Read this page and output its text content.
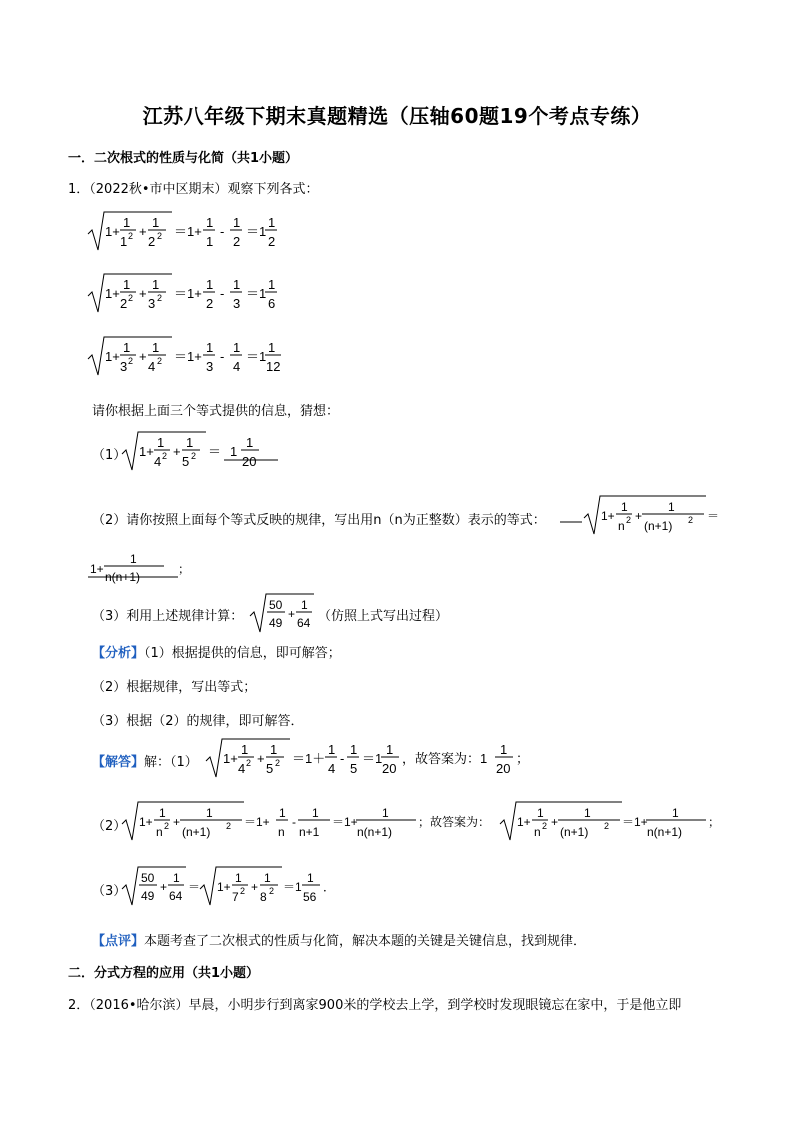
江苏八年级下期末真题精选（压轴60题19个考点专练）
一．二次根式的性质与化简（共1小题）
1．（2022秋•市中区期末）观察下列各式：
1+
1
1 2 +
1
2 2 ＝1+
1
1
-
1
2
＝1
1
2
1+
1
2 2 +
1
3 2 ＝1+
1
2
-
1
3
＝1
1
6
1+
1
3 2 +
1
4 2 ＝1+
1
3
-
1
4
＝1
1
12
请你根据上面三个等式提供的信息，猜想：
（1） 1+
1
4 2 +
1
5 2 ＝ 1
1
20
（2）请你按照上面每个等式反映的规律，写出用n（n为正整数）表示的等式：	1+
1
n 2 +
1
(n+1) 2 ＝
1+
1
n(n+1)
；
（3）利用上述规律计算：
50
49
+
1
64 （仿照上式写出过程）
【分析】（1）根据提供的信息，即可解答；
（2）根据规律，写出等式；
（3）根据（2）的规律，即可解答．
【解答】解：（1） 1+
1
4 2 +
1
5 2 ＝1＋
1
4
-
1
5
＝1
1
20
，故答案为：1
1
20
；
（2） 1+
1
n 2 +
1
(n+1) 2 ＝1+
1
n
-
1
n+1
＝1+
1
n(n+1)
；故答案为： 1+
1
n 2 +
1
(n+1) 2 ＝1+
1
n(n+1)
；
（3）
50
49
+
1
64
＝ 1+
1
7 2 +
1
8 2 ＝1
1
56
．
【点评】本题考查了二次根式的性质与化简，解决本题的关键是关键信息，找到规律．
二．分式方程的应用（共1小题）
2．（2016•哈尔滨）早晨，小明步行到离家900米的学校去上学，到学校时发现眼镜忘在家中，于是他立即
